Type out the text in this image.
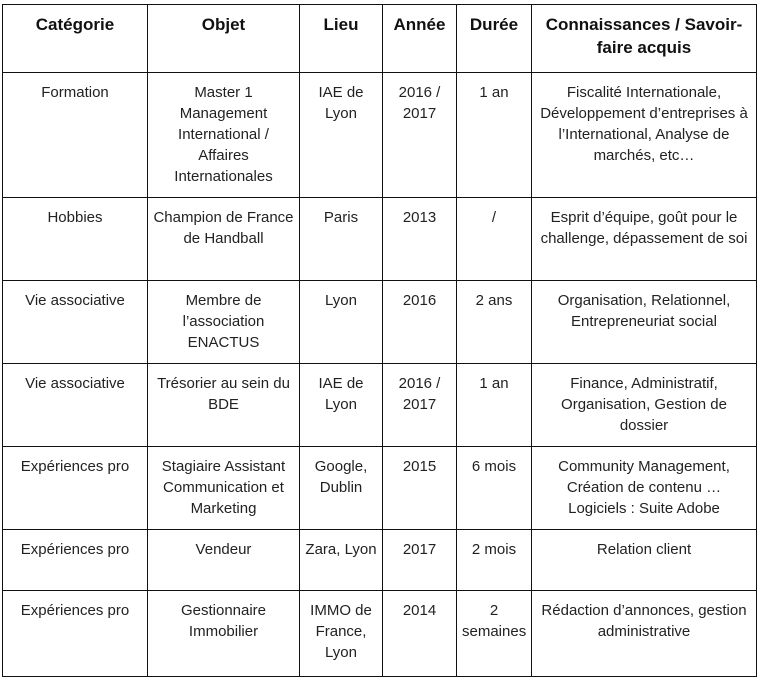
Catégorie	Objet	Lieu	Année	Durée	Connaissances / Savoir-faire acquis
Formation	Master 1 Management International / Affaires Internationales	IAE de Lyon	2016 / 2017	1 an	Fiscalité Internationale, Développement d’entreprises à l’International, Analyse de marchés, etc…
Hobbies	Champion de France de Handball	Paris	2013	/	Esprit d’équipe, goût pour le challenge, dépassement de soi
Vie associative	Membre de l’association ENACTUS	Lyon	2016	2 ans	Organisation, Relationnel, Entrepreneuriat social
Vie associative	Trésorier au sein du BDE	IAE de Lyon	2016 / 2017	1 an	Finance, Administratif, Organisation, Gestion de dossier
Expériences pro	Stagiaire Assistant Communication et Marketing	Google, Dublin	2015	6 mois	Community Management, Création de contenu … Logiciels : Suite Adobe
Expériences pro	Vendeur	Zara, Lyon	2017	2 mois	Relation client
Expériences pro	Gestionnaire Immobilier	IMMO de France, Lyon	2014	2 semaines	Rédaction d’annonces, gestion administrative
